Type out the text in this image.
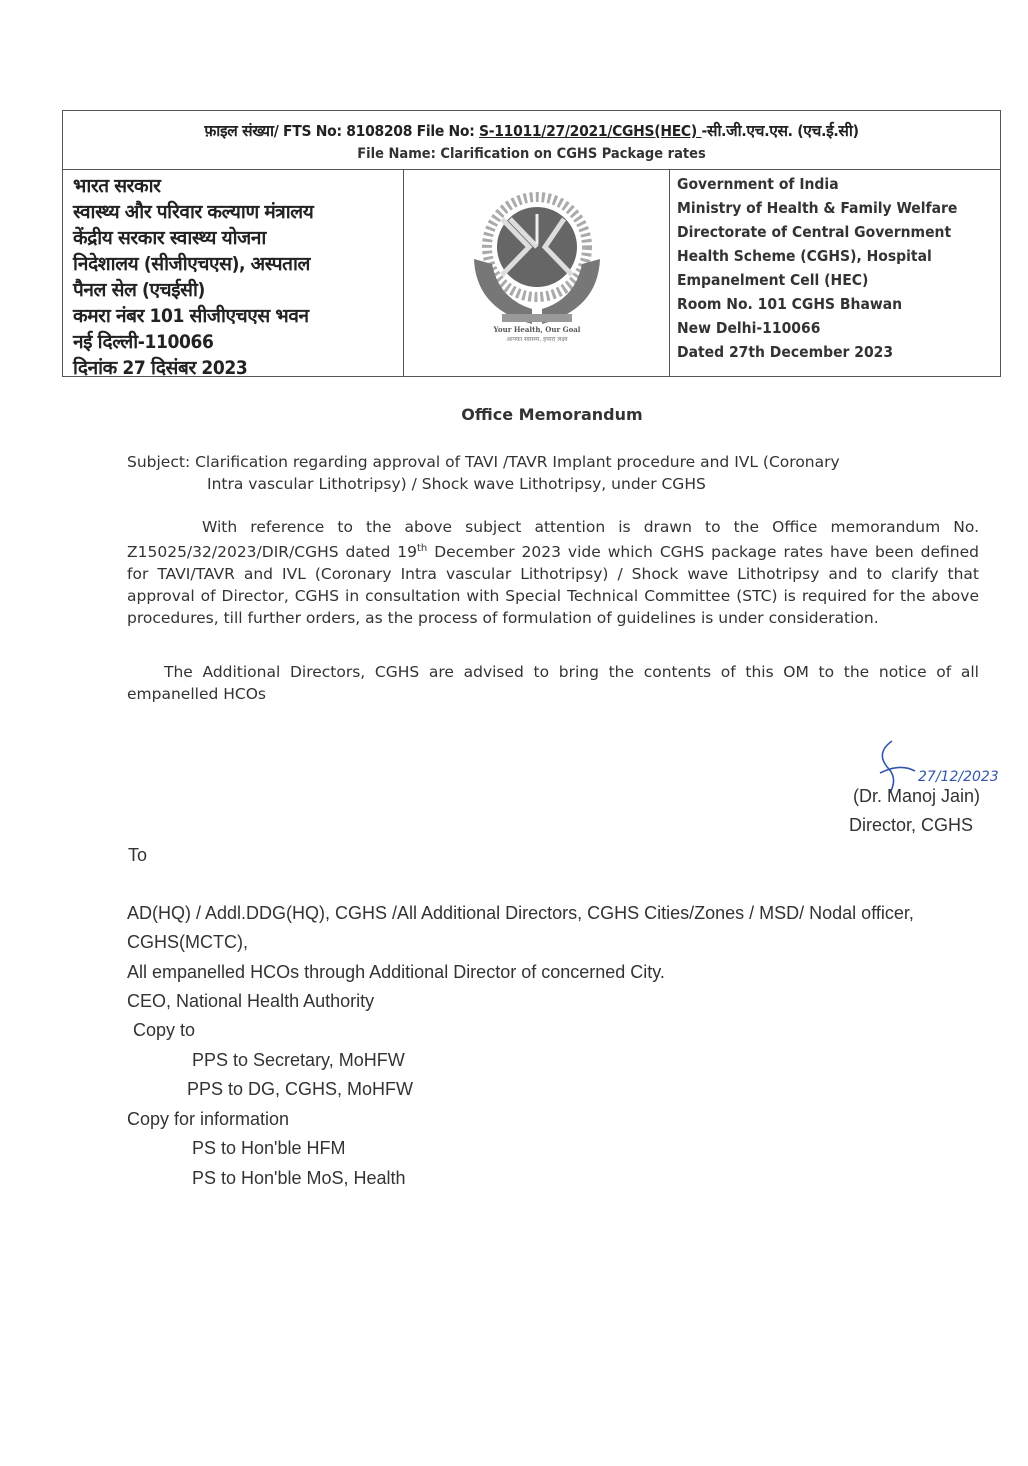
फ़ाइल संख्या/ FTS No: 8108208 File No: S-11011/27/2021/CGHS(HEC) -सी.जी.एच.एस. (एच.ई.सी)
File Name: Clarification on CGHS Package rates
भारत सरकार
स्वास्थ्य और परिवार कल्याण मंत्रालय
केंद्रीय सरकार स्वास्थ्य योजना
निदेशालय (सीजीएचएस), अस्पताल
पैनल सेल (एचईसी)
कमरा नंबर 101 सीजीएचएस भवन
नई दिल्ली-110066
दिनांक 27 दिसंबर 2023
Your Health, Our Goal
आपका स्वास्थ्य, हमारा लक्ष्य
Government of India
Ministry of Health & Family Welfare
Directorate of Central Government
Health Scheme (CGHS), Hospital
Empanelment Cell (HEC)
Room No. 101 CGHS Bhawan
New Delhi-110066
Dated 27th December 2023
Office Memorandum
Subject: Clarification regarding approval of TAVI /TAVR Implant procedure and IVL (Coronary
Intra vascular Lithotripsy) / Shock wave Lithotripsy, under CGHS
With reference to the above subject attention is drawn to the Office memorandum No. Z15025/32/2023/DIR/CGHS dated 19th December 2023 vide which CGHS package rates have been defined for TAVI/TAVR and IVL (Coronary Intra vascular Lithotripsy) / Shock wave Lithotripsy and to clarify that approval of Director, CGHS in consultation with Special Technical Committee (STC) is required for the above procedures, till further orders, as the process of formulation of guidelines is under consideration.
The Additional Directors, CGHS are advised to bring the contents of this OM to the notice of all empanelled HCOs
27/12/2023
(Dr. Manoj Jain)
Director, CGHS
To
AD(HQ) / Addl.DDG(HQ), CGHS /All Additional Directors, CGHS Cities/Zones / MSD/ Nodal officer,
CGHS(MCTC),
All empanelled HCOs through Additional Director of concerned City.
CEO, National Health Authority
Copy to
PPS to Secretary, MoHFW
PPS to DG, CGHS, MoHFW
Copy for information
PS to Hon'ble HFM
PS to Hon'ble MoS, Health
